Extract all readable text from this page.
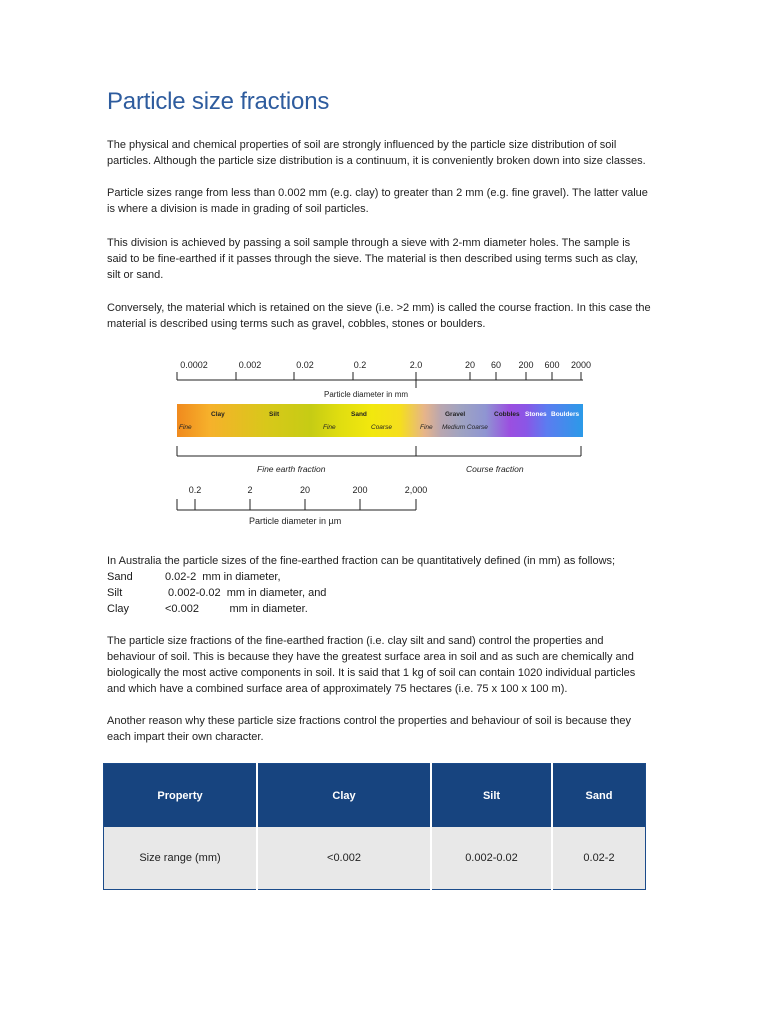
Particle size fractions

The physical and chemical properties of soil are strongly influenced by the particle size distribution of soil particles. Although the particle size distribution is a continuum, it is conveniently broken down into size classes.

Particle sizes range from less than 0.002 mm (e.g. clay) to greater than 2 mm (e.g. fine gravel). The latter value is where a division is made in grading of soil particles.

This division is achieved by passing a soil sample through a sieve with 2-mm diameter holes. The sample is said to be fine-earthed if it passes through the sieve. The material is then described using terms such as clay, silt or sand.

Conversely, the material which is retained on the sieve (i.e. >2 mm) is called the course fraction. In this case the material is described using terms such as gravel, cobbles, stones or boulders.

In Australia the particle sizes of the fine-earthed fraction can be quantitatively defined (in mm) as follows;

Sand	0.02-2  mm in diameter,
Silt	0.002-0.02  mm in diameter, and
Clay	<0.002          mm in diameter.

The particle size fractions of the fine-earthed fraction (i.e. clay silt and sand) control the properties and behaviour of soil. This is because they have the greatest surface area in soil and as such are chemically and biologically the most active components in soil. It is said that 1 kg of soil can contain 1020 individual particles and which have a combined surface area of approximately 75 hectares (i.e. 75 x 100 x 100 m).

Another reason why these particle size fractions control the properties and behaviour of soil is because they each impart their own character.

0.0002	0.002	0.02	0.2	2.0	20 60 200 600 2000
Particle diameter in mm
Clay	Silt	Sand	Gravel	Cobbles Stones Boulders
Fine	Fine	Coarse	Fine Medium Coarse
Fine earth fraction	Course fraction
0.2	2	20	200	2,000
Particle diameter in µm
Property	Clay	Silt	Sand
Size range (mm)	<0.002	0.002-0.02	0.02-2
